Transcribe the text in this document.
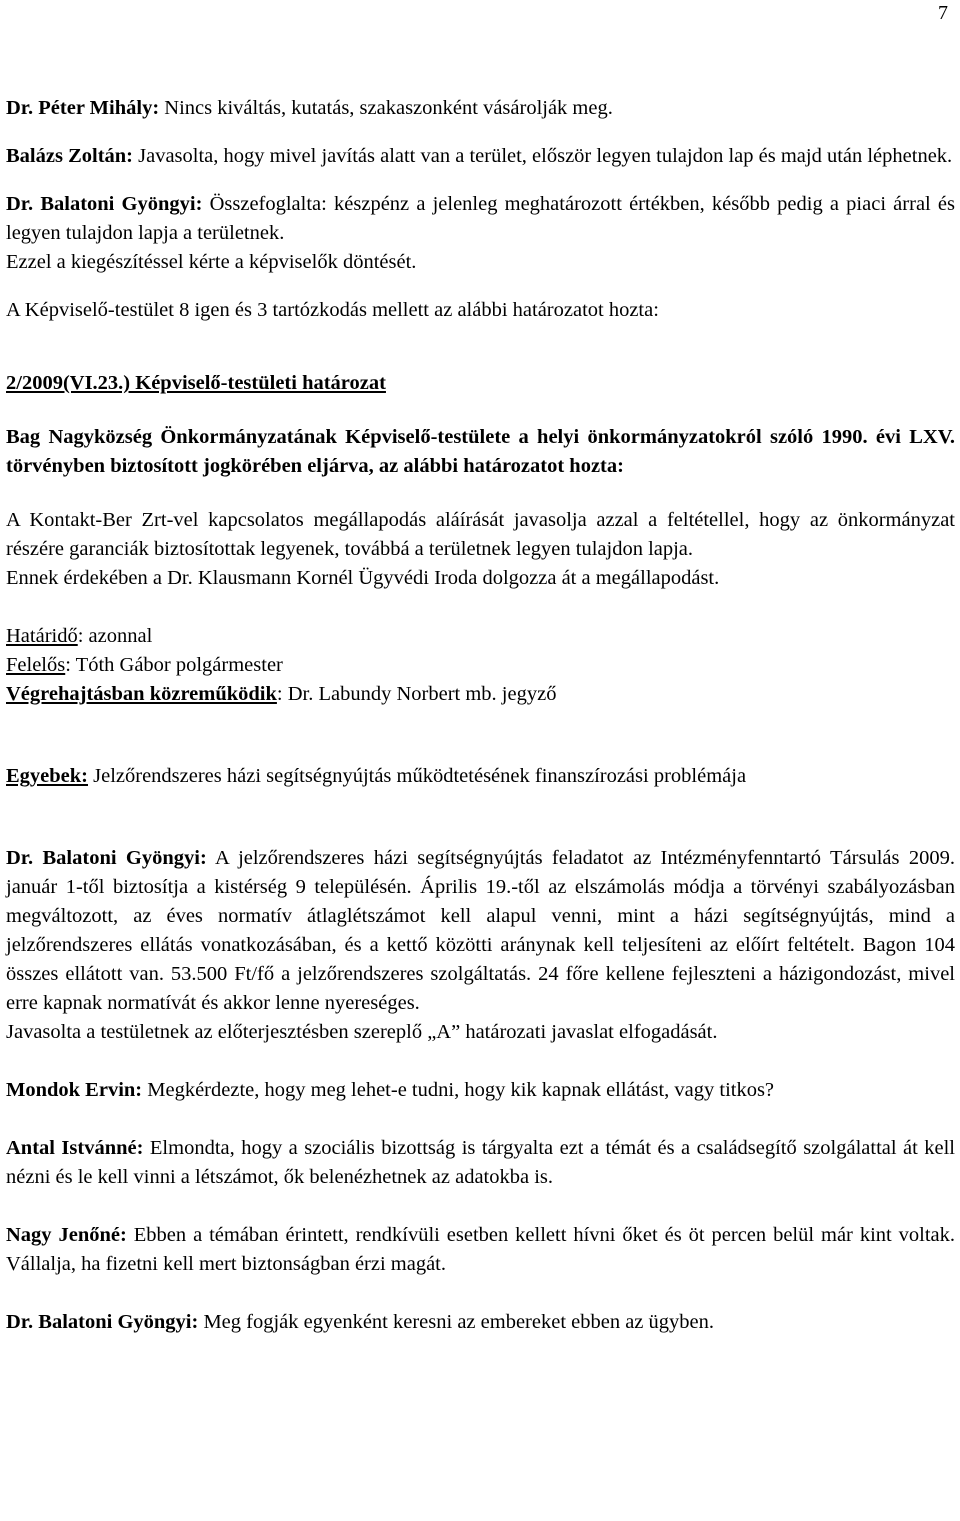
7

Dr. Péter Mihály: Nincs kiváltás, kutatás, szakaszonként vásárolják meg.

Balázs Zoltán: Javasolta, hogy mivel javítás alatt van a terület, először legyen tulajdon lap és majd után léphetnek.

Dr. Balatoni Gyöngyi: Összefoglalta: készpénz a jelenleg meghatározott értékben, később pedig a piaci árral és legyen tulajdon lapja a területnek.

Ezzel a kiegészítéssel kérte a képviselők döntését.

A Képviselő-testület 8 igen és 3 tartózkodás mellett az alábbi határozatot hozta:

2/2009(VI.23.) Képviselő-testületi határozat

Bag Nagyközség Önkormányzatának Képviselő-testülete a helyi önkormányzatokról szóló 1990. évi LXV. törvényben biztosított jogkörében eljárva, az alábbi határozatot hozta:

A Kontakt-Ber Zrt-vel kapcsolatos megállapodás aláírását javasolja azzal a feltétellel, hogy az önkormányzat részére garanciák biztosítottak legyenek, továbbá a területnek legyen tulajdon lapja.

Ennek érdekében a Dr. Klausmann Kornél Ügyvédi Iroda dolgozza át a megállapodást.

Határidő: azonnal

Felelős: Tóth Gábor polgármester

Végrehajtásban közreműködik: Dr. Labundy Norbert mb. jegyző

Egyebek: Jelzőrendszeres házi segítségnyújtás működtetésének finanszírozási problémája

Dr. Balatoni Gyöngyi: A jelzőrendszeres házi segítségnyújtás feladatot az Intézményfenntartó Társulás 2009. január 1-től biztosítja a kistérség 9 településén. Április 19.-től az elszámolás módja a törvényi szabályozásban megváltozott, az éves normatív átlaglétszámot kell alapul venni, mint a házi segítségnyújtás, mind a jelzőrendszeres ellátás vonatkozásában, és a kettő közötti aránynak kell teljesíteni az előírt feltételt. Bagon 104 összes ellátott van. 53.500 Ft/fő a jelzőrendszeres szolgáltatás. 24 főre kellene fejleszteni a házigondozást, mivel erre kapnak normatívát és akkor lenne nyereséges.

Javasolta a testületnek az előterjesztésben szereplő „A” határozati javaslat elfogadását.

Mondok Ervin: Megkérdezte, hogy meg lehet-e tudni, hogy kik kapnak ellátást, vagy titkos?

Antal Istvánné: Elmondta, hogy a szociális bizottság is tárgyalta ezt a témát és a családsegítő szolgálattal át kell nézni és le kell vinni a létszámot, ők belenézhetnek az adatokba is.

Nagy Jenőné: Ebben a témában érintett, rendkívüli esetben kellett hívni őket és öt percen belül már kint voltak. Vállalja, ha fizetni kell mert biztonságban érzi magát.

Dr. Balatoni Gyöngyi: Meg fogják egyenként keresni az embereket ebben az ügyben.
